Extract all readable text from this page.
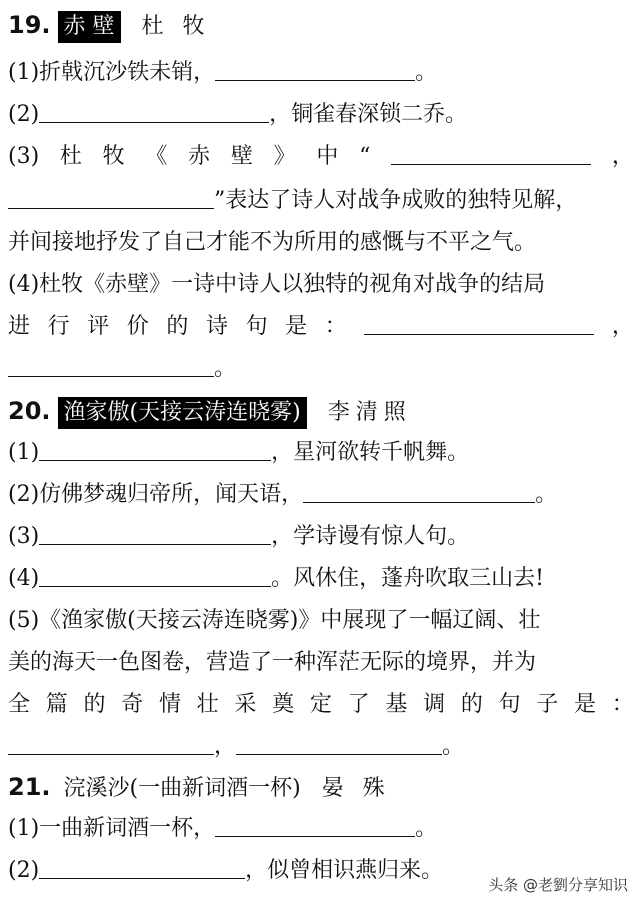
19. 赤 壁 杜 牧
(1)折戟沉沙铁未销，	。
(2)	，铜雀春深锁二乔。
(3) 杜 牧 《 赤 壁 》 中 “	，
”表达了诗人对战争成败的独特见解，
并间接地抒发了自己才能不为所用的感慨与不平之气。
(4)杜牧《赤壁》一诗中诗人以独特的视角对战争的结局
进 行 评 价 的 诗 句 是 ：	，
。
20. 渔家傲(天接云涛连晓雾) 李清照
(1)	，星河欲转千帆舞。
(2)仿佛梦魂归帝所，闻天语，	。
(3)	，学诗谩有惊人句。
(4)	。风休住，蓬舟吹取三山去!
(5)《渔家傲(天接云涛连晓雾)》中展现了一幅辽阔、壮
美的海天一色图卷，营造了一种浑茫无际的境界，并为
全 篇 的 奇 情 壮 采 奠 定 了 基 调 的 句 子 是 ：
，	。
21. 浣溪沙(一曲新词酒一杯) 晏 殊
(1)一曲新词酒一杯，	。
(2)	，似曾相识燕归来。
头条 @老劉分享知识
